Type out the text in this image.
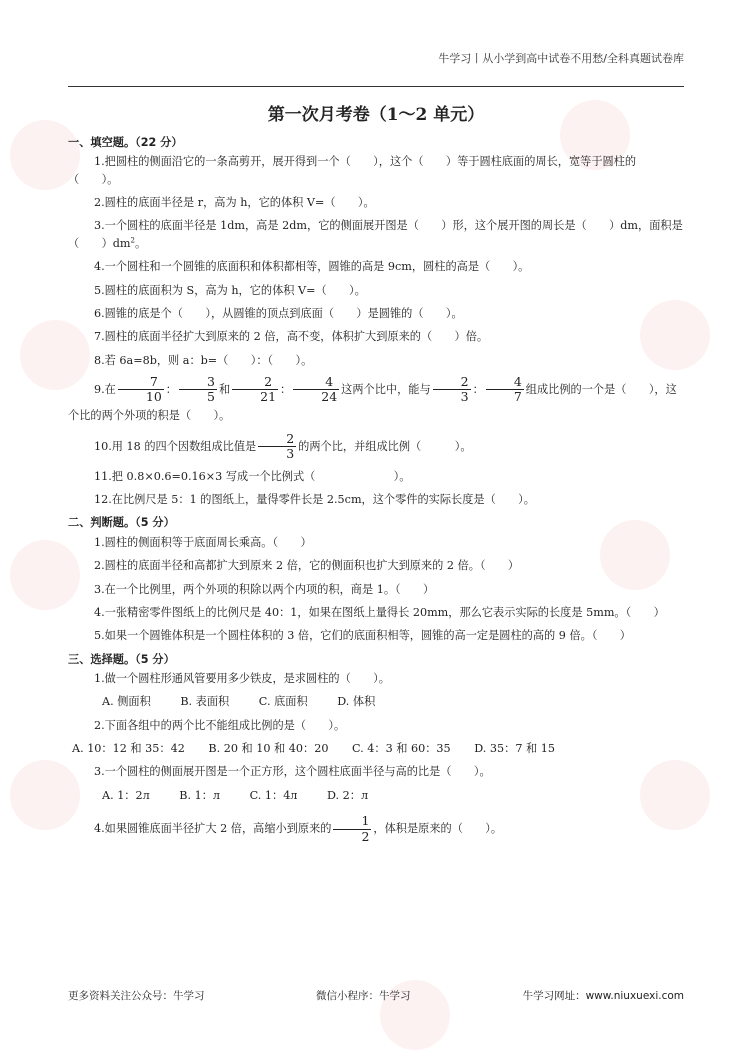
牛学习丨从小学到高中试卷不用愁/全科真题试卷库
第一次月考卷（1～2 单元）
一、填空题。（22 分）

1.把圆柱的侧面沿它的一条高剪开，展开得到一个（　　），这个（　　）等于圆柱底面的周长，宽等于圆柱的（　　）。

2.圆柱的底面半径是 r，高为 h，它的体积 V=（　　）。

3.一个圆柱的底面半径是 1dm，高是 2dm，它的侧面展开图是（　　）形，这个展开图的周长是（　　）dm，面积是（　　）$dm^2$。

4.一个圆柱和一个圆锥的底面积和体积都相等，圆锥的高是 9cm，圆柱的高是（　　）。

5.圆柱的底面积为 S，高为 h，它的体积 V=（　　）。

6.圆锥的底是个（　　），从圆锥的顶点到底面（　　）是圆锥的（　　）。

7.圆柱的底面半径扩大到原来的 2 倍，高不变，体积扩大到原来的（　　）倍。

8.若 6a=8b，则 a：b=（　　）：（　　）。

9.在 $\frac{7}{10}$ ： $\frac{3}{5}$ 和 $\frac{2}{21}$ ： $\frac{4}{24}$ 这两个比中，能与 $\frac{2}{3}$ ： $\frac{4}{7}$ 组成比例的一个是（　　），这个比的两个外项的积是（　　）。

10.用 18 的四个因数组成比值是 $\frac{2}{3}$ 的两个比，并组成比例（　　　）。

11.把 0.8×0.6=0.16×3 写成一个比例式（　　　　　　　）。

12.在比例尺是 5：1 的图纸上，量得零件长是 2.5cm，这个零件的实际长度是（　　）。

二、判断题。（5 分）

1.圆柱的侧面积等于底面周长乘高。（　　）

2.圆柱的底面半径和高都扩大到原来 2 倍，它的侧面积也扩大到原来的 2 倍。（　　）

3.在一个比例里，两个外项的积除以两个内项的积，商是 1。（　　）

4.一张精密零件图纸上的比例尺是 40：1，如果在图纸上量得长 20mm，那么它表示实际的长度是 5mm。（　　）

5.如果一个圆锥体积是一个圆柱体积的 3 倍，它们的底面积相等，圆锥的高一定是圆柱的高的 9 倍。（　　）

三、选择题。（5 分）

1.做一个圆柱形通风管要用多少铁皮，是求圆柱的（　　）。

A. 侧面积	B. 表面积	C. 底面积	D. 体积

2.下面各组中的两个比不能组成比例的是（　　）。

A. 10：12 和 35：42 B. 20 和 10 和 40：20 C. 4：3 和 60：35 D. 35：7 和 15

3.一个圆柱的侧面展开图是一个正方形，这个圆柱底面半径与高的比是（　　）。

A. 1：2л	B. 1：л	C. 1：4л	D. 2：л

4.如果圆锥底面半径扩大 2 倍，高缩小到原来的 $\frac{1}{2}$ ，体积是原来的（　　）。

更多资料关注公众号：牛学习	微信小程序：牛学习	牛学习网址：www.niuxuexi.com
